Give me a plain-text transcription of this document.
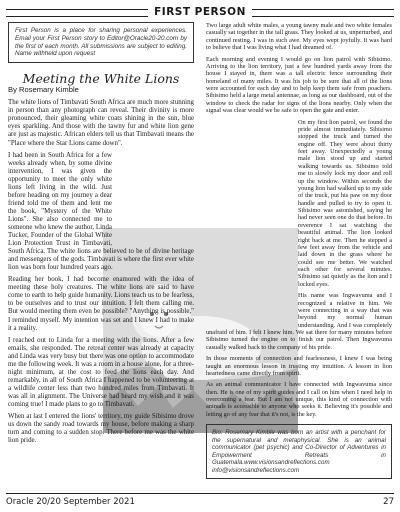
FIRST PERSON
First Person is a place for sharing personal experiences. Email your First Person story to Editor@Oracle20-20.com by the first of each month. All submissions are subject to editing. Name withheld upon request
Meeting the White Lions
By Rosemary Kimble

The white lions of Timbavati South Africa are much more stunning in person than any photograph can reveal. Their divinity is more pronounced, their gleaming white coats shining in the sun, blue eyes sparkling. And those with the tawny fur and white lion gene are just as majestic. African elders tell us that Timbavati means the "Place where the Star Lions came down".

I had been in South Africa for a few weeks already when, by some divine intervention, I was given the opportunity to meet the only white lions left living in the wild. Just before heading on my journey a dear friend told me of them and lent me the book, "Mystery of the White Lions". She also connected me to someone who knew the author, Linda Tucker, Founder of the Global White Lion Protection Trust in Timbavati, South Africa. The white lions are believed to be of divine heritage and messengers of the gods. Timbavati is where the first ever white lion was born four hundred years ago.

Reading her book, I had become enamored with the idea of meeting these holy creatures. The white lions are said to have come to earth to help guide humanity. Lions teach us to be fearless, to be ourselves and to trust our intuition. I felt them calling me. But would meeting them even be possible? "Anything is possible," I reminded myself. My intention was set and I knew I had to make it a reality.

I reached out to Linda for a meeting with the lions. After a few emails, she responded. The retreat center was already at capacity and Linda was very busy but there was one option to accommodate me the following week. It was a room in a house alone, for a three-night minimum, at the cost to feed the lions each day. And remarkably, in all of South Africa I happened to be volunteering at a wildlife center less than two hundred miles from Timbavati. It was all in alignment. The Universe had heard my wish and it was coming true! I made plans to go to Timbavati.

When at last I entered the lions' territory, my guide Sibisimo drove us down the sandy road towards my house, before making a sharp turn and coming to a sudden stop. There before me was the white lion pride.

Two large adult white males, a young tawny male and two white females casually sat together in the tall grass. They looked at us, unperturbed, and continued resting. I was in such awe. My eyes wept joyfully. It was hard to believe that I was living what I had dreamed of.

Each morning and evening I would go on lion patrol with Sibisimo. Arriving to the lion territory, just a few hundred yards away from the house I stayed in, there was a tall electric fence surrounding their homeland of many miles. It was his job to be sure that all of the lions were accounted for each day and to help keep them safe from poachers. Sibisimo held a large metal antennae, as long as our dashboard, out of the window to check the radar for signs of the lions nearby. Only when the signal was clear would we be safe to open the gate and enter.

On my first lion patrol, we found the pride almost immediately. Sibisimo stopped the truck and turned the engine off. They were about thirty feet away. Unexpectedly a young male lion stood up and started walking towards us. Sibisimo told me to slowly lock my door and roll up the window. Within seconds the young lion had walked up to my side of the truck, put his paw on my door handle and pulled to try to open it. Sibisimo was astonished, saying he had never seen one do that before. In reverence I sat watching the beautiful animal. The lion looked right back at me. Then he stepped a few feet away from the vehicle and laid down in the grass where he could see me better. We watched each other for several minutes. Sibisimo sat quietly as the lion and I locked eyes.

His name was Ingwavuma and I recognized a relative in him. We were connecting in a way that was beyond my normal human understanding. And I was completely unafraid of him. I felt I knew him. We sat there for many minutes before Sibisimo turned the engine on to finish our patrol. Then Ingwavuma casually walked back to the company of his pride.

In those moments of connection and fearlessness, I knew I was being taught an enormous lesson in trusting my intuition. A lesson in lion heartedness came directly from spirit.

As an animal communicator I have connected with Ingwavuma since then. He is one of my spirit guides and I call on him when I need help in overcoming a fear. But I am not unique, this kind of connection with animals is accessible to anyone who seeks it. Believing it's possible and letting go of any fear that it's not, is the key.

Bio: Rosemary Kimble was born an artist with a penchant for the supernatural and metaphysical. She is an animal communicator (pet psychic) and Co-Director of Adventures in Empowerment Retreats in Guatemala.www.visionsandreflections.com info@visionsandreflections.com
Oracle 20/20 September 2021	27
